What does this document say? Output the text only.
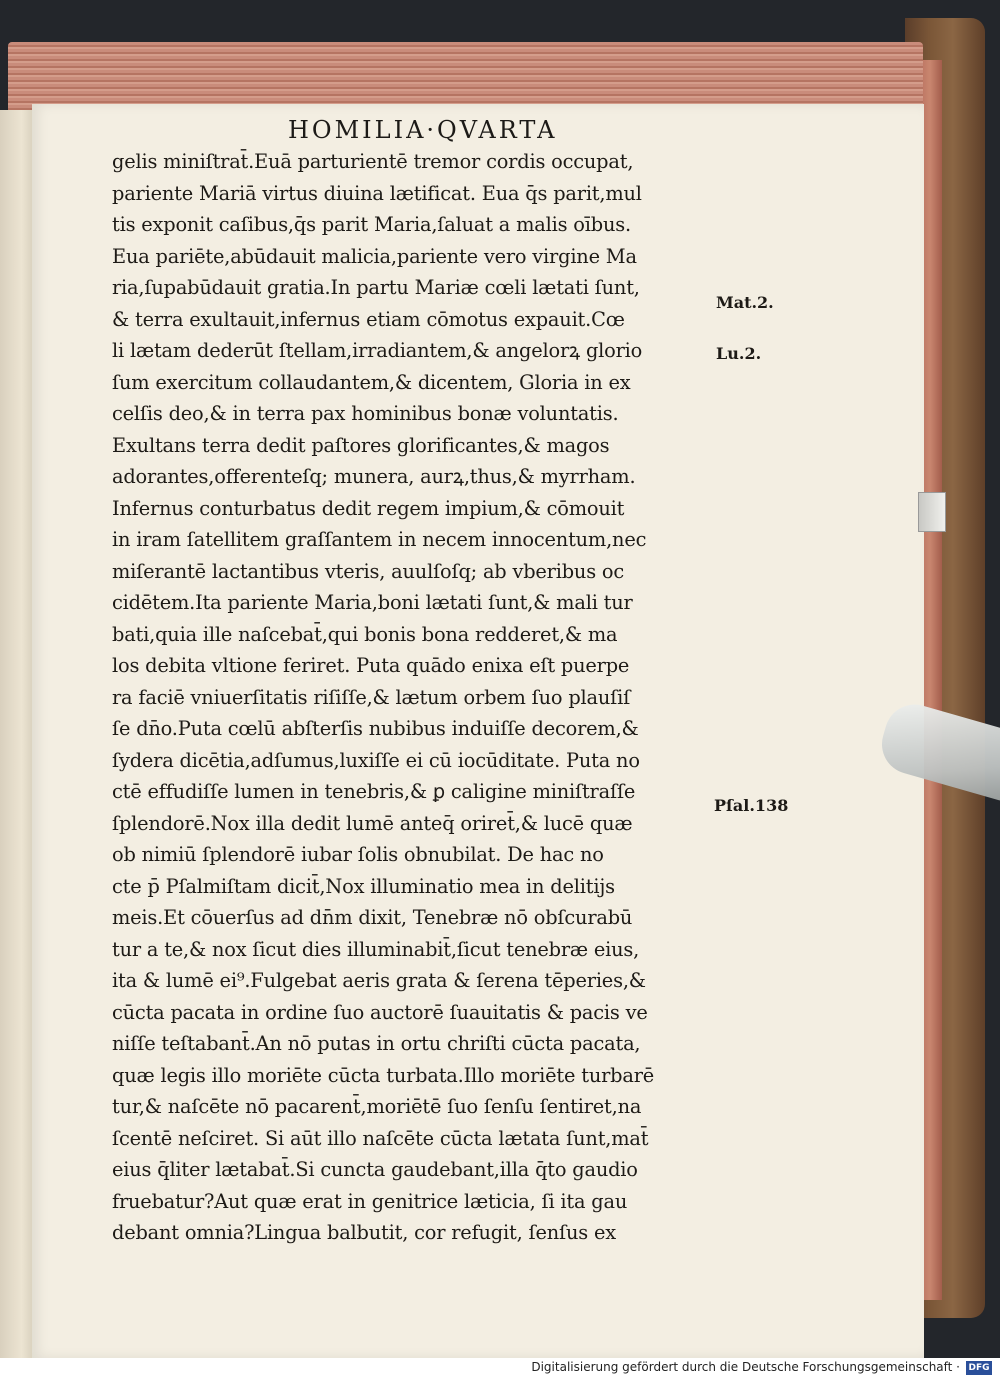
HOMILIA·QVARTA
gelis miniſtrat̄.Euā parturientē tremor cordis occupat,
pariente Mariā virtus diuina lætificat. Eua q̄s parit,mul
tis exponit caſibus,q̄s parit Maria,ſaluat a malis oībus.
Eua pariēte,abūdauit malicia,pariente vero virgine Ma
ria,ſupabūdauit gratia.In partu Mariæ cœli lætati ſunt,
& terra exultauit,infernus etiam cōmotus expauit.Cœ
li lætam dederūt ſtellam,irradiantem,& angelorꝝ glorio
ſum exercitum collaudantem,& dicentem, Gloria in ex
celſis deo,& in terra pax hominibus bonæ voluntatis.
Exultans terra dedit paſtores glorificantes,& magos
adorantes,offerenteſq; munera, aurꝝ,thus,& myrrham.
Infernus conturbatus dedit regem impium,& cōmouit
in iram ſatellitem graſſantem in necem innocentum,nec
miſerantē lactantibus vteris, auulſoſq; ab vberibus oc
cidētem.Ita pariente Maria,boni lætati ſunt,& mali tur
bati,quia ille naſcebat̄,qui bonis bona redderet,& ma
los debita vltione feriret. Puta quādo enixa eſt puerpe
ra faciē vniuerſitatis riſiſſe,& lætum orbem ſuo plauſiſ
ſe dn̄o.Puta cœlū abſterſis nubibus induiſſe decorem,&
ſydera dicētia,adſumus,luxiſſe ei cū iocūditate. Puta no
ctē effudiſſe lumen in tenebris,& ꝑ caligine miniſtraſſe
ſplendorē.Nox illa dedit lumē anteq̄ oriret̄,& lucē quæ
ob nimiū ſplendorē iubar ſolis obnubilat. De hac no
cte p̄ Pſalmiſtam dicit̄,Nox illuminatio mea in delitijs
meis.Et cōuerſus ad dn̄m dixit, Tenebræ nō obſcurabū
tur a te,& nox ſicut dies illuminabit̄,ſicut tenebræ eius,
ita & lumē ei⁹.Fulgebat aeris grata & ſerena tēperies,&
cūcta pacata in ordine ſuo auctorē ſuauitatis & pacis ve
niſſe teſtabant̄.An nō putas in ortu chriſti cūcta pacata,
quæ legis illo moriēte cūcta turbata.Illo moriēte turbarē
tur,& naſcēte nō pacarent̄,moriētē ſuo ſenſu ſentiret,na
ſcentē neſciret. Si aūt illo naſcēte cūcta lætata ſunt,mat̄
eius q̄liter lætabat̄.Si cuncta gaudebant,illa q̄to gaudio
fruebatur?Aut quæ erat in genitrice læticia, ſi ita gau
debant omnia?Lingua balbutit, cor refugit, ſenſus ex
Mat.2.
Lu.2.
Pſal.138
Digitalisierung gefördert durch die Deutsche Forschungsgemeinschaft · DFG
